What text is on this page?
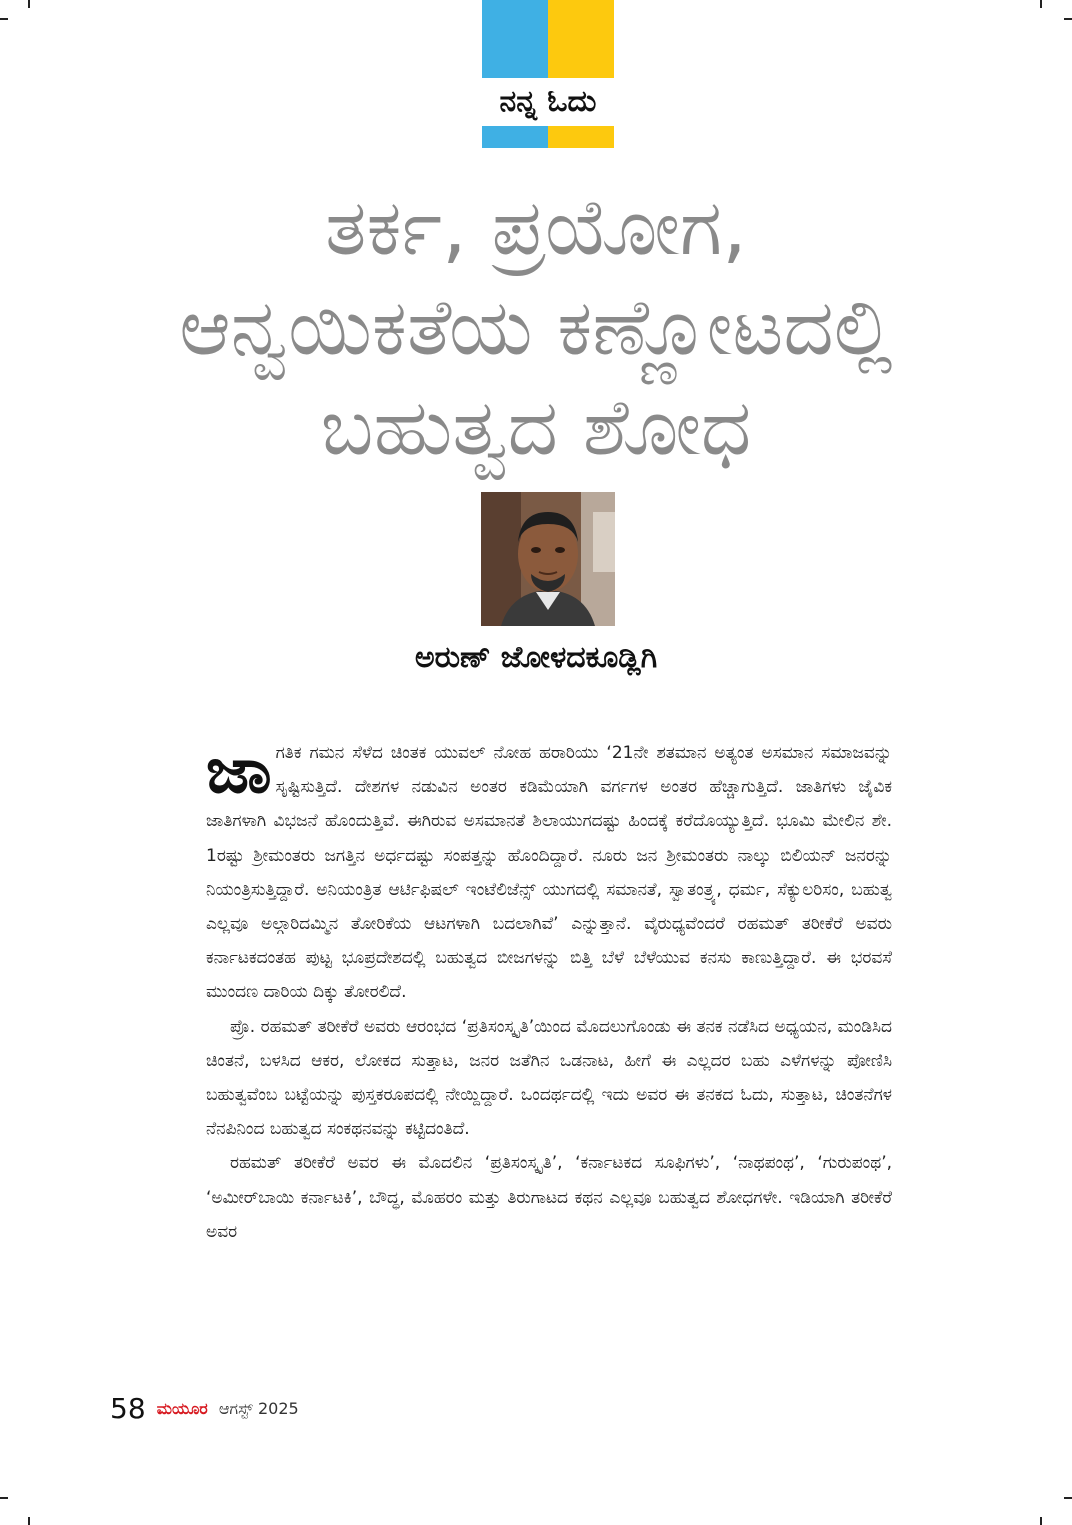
ನನ್ನ ಓದು
ತರ್ಕ, ಪ್ರಯೋಗ,
ಆನ್ವಯಿಕತೆಯ ಕಣ್ಣೋಟದಲ್ಲಿ
ಬಹುತ್ವದ ಶೋಧ
ಅರುಣ್ ಜೋಳದಕೂಡ್ಲಿಗಿ

ಜಾಗತಿಕ ಗಮನ ಸೆಳೆದ ಚಿಂತಕ ಯುವಲ್ ನೋಹ ಹರಾರಿಯು ‘21ನೇ ಶತಮಾನ ಅತ್ಯಂತ ಅಸಮಾನ ಸಮಾಜವನ್ನು ಸೃಷ್ಟಿಸುತ್ತಿದೆ. ದೇಶಗಳ ನಡುವಿನ ಅಂತರ ಕಡಿಮೆಯಾಗಿ ವರ್ಗಗಳ ಅಂತರ ಹೆಚ್ಚಾಗುತ್ತಿದೆ. ಜಾತಿಗಳು ಜೈವಿಕ ಜಾತಿಗಳಾಗಿ ವಿಭಜನೆ ಹೊಂದುತ್ತಿವೆ. ಈಗಿರುವ ಅಸಮಾನತೆ ಶಿಲಾಯುಗದಷ್ಟು ಹಿಂದಕ್ಕೆ ಕರೆದೊಯ್ಯುತ್ತಿದೆ. ಭೂಮಿ ಮೇಲಿನ ಶೇ. 1ರಷ್ಟು ಶ್ರೀಮಂತರು ಜಗತ್ತಿನ ಅರ್ಧದಷ್ಟು ಸಂಪತ್ತನ್ನು ಹೊಂದಿದ್ದಾರೆ. ನೂರು ಜನ ಶ್ರೀಮಂತರು ನಾಲ್ಕು ಬಿಲಿಯನ್ ಜನರನ್ನು ನಿಯಂತ್ರಿಸುತ್ತಿದ್ದಾರೆ. ಅನಿಯಂತ್ರಿತ ಆರ್ಟಿಫಿಷಲ್ ಇಂಟೆಲಿಜೆನ್ಸ್ ಯುಗದಲ್ಲಿ ಸಮಾನತೆ, ಸ್ವಾತಂತ್ರ್ಯ, ಧರ್ಮ, ಸೆಕ್ಯುಲರಿಸಂ, ಬಹುತ್ವ ಎಲ್ಲವೂ ಅಲ್ಗಾರಿದಮ್ಮಿನ ತೋರಿಕೆಯ ಆಟಗಳಾಗಿ ಬದಲಾಗಿವೆ’ ಎನ್ನುತ್ತಾನೆ. ವೈರುಧ್ಯವೆಂದರೆ ರಹಮತ್ ತರೀಕೆರೆ ಅವರು ಕರ್ನಾಟಕದಂತಹ ಪುಟ್ಟ ಭೂಪ್ರದೇಶದಲ್ಲಿ ಬಹುತ್ವದ ಬೀಜಗಳನ್ನು ಬಿತ್ತಿ ಬೆಳೆ ಬೆಳೆಯುವ ಕನಸು ಕಾಣುತ್ತಿದ್ದಾರೆ. ಈ ಭರವಸೆ ಮುಂದಣ ದಾರಿಯ ದಿಕ್ಕು ತೋರಲಿದೆ.

ಪ್ರೊ. ರಹಮತ್ ತರೀಕೆರೆ ಅವರು ಆರಂಭದ ‘ಪ್ರತಿಸಂಸ್ಕೃತಿ’ಯಿಂದ ಮೊದಲುಗೊಂಡು ಈ ತನಕ ನಡೆಸಿದ ಅಧ್ಯಯನ, ಮಂಡಿಸಿದ ಚಿಂತನೆ, ಬಳಸಿದ ಆಕರ, ಲೋಕದ ಸುತ್ತಾಟ, ಜನರ ಜತೆಗಿನ ಒಡನಾಟ, ಹೀಗೆ ಈ ಎಲ್ಲದರ ಬಹು ಎಳೆಗಳನ್ನು ಪೋಣಿಸಿ ಬಹುತ್ವವೆಂಬ ಬಟ್ಟೆಯನ್ನು ಪುಸ್ತಕರೂಪದಲ್ಲಿ ನೇಯ್ದಿದ್ದಾರೆ. ಒಂದರ್ಥದಲ್ಲಿ ಇದು ಅವರ ಈ ತನಕದ ಓದು, ಸುತ್ತಾಟ, ಚಿಂತನೆಗಳ ನೆನಪಿನಿಂದ ಬಹುತ್ವದ ಸಂಕಥನವನ್ನು ಕಟ್ಟಿದಂತಿದೆ.

ರಹಮತ್ ತರೀಕೆರೆ ಅವರ ಈ ಮೊದಲಿನ ‘ಪ್ರತಿಸಂಸ್ಕೃತಿ’, ‘ಕರ್ನಾಟಕದ ಸೂಫಿಗಳು’, ‘ನಾಥಪಂಥ’, ‘ಗುರುಪಂಥ’, ‘ಅಮೀರ್‌ಬಾಯಿ ಕರ್ನಾಟಕಿ’, ಬೌದ್ಧ, ಮೊಹರಂ ಮತ್ತು ತಿರುಗಾಟದ ಕಥನ ಎಲ್ಲವೂ ಬಹುತ್ವದ ಶೋಧಗಳೇ. ಇಡಿಯಾಗಿ ತರೀಕೆರೆ ಅವರ

58 ಮಯೂರ ಆಗಸ್ಟ್ 2025
